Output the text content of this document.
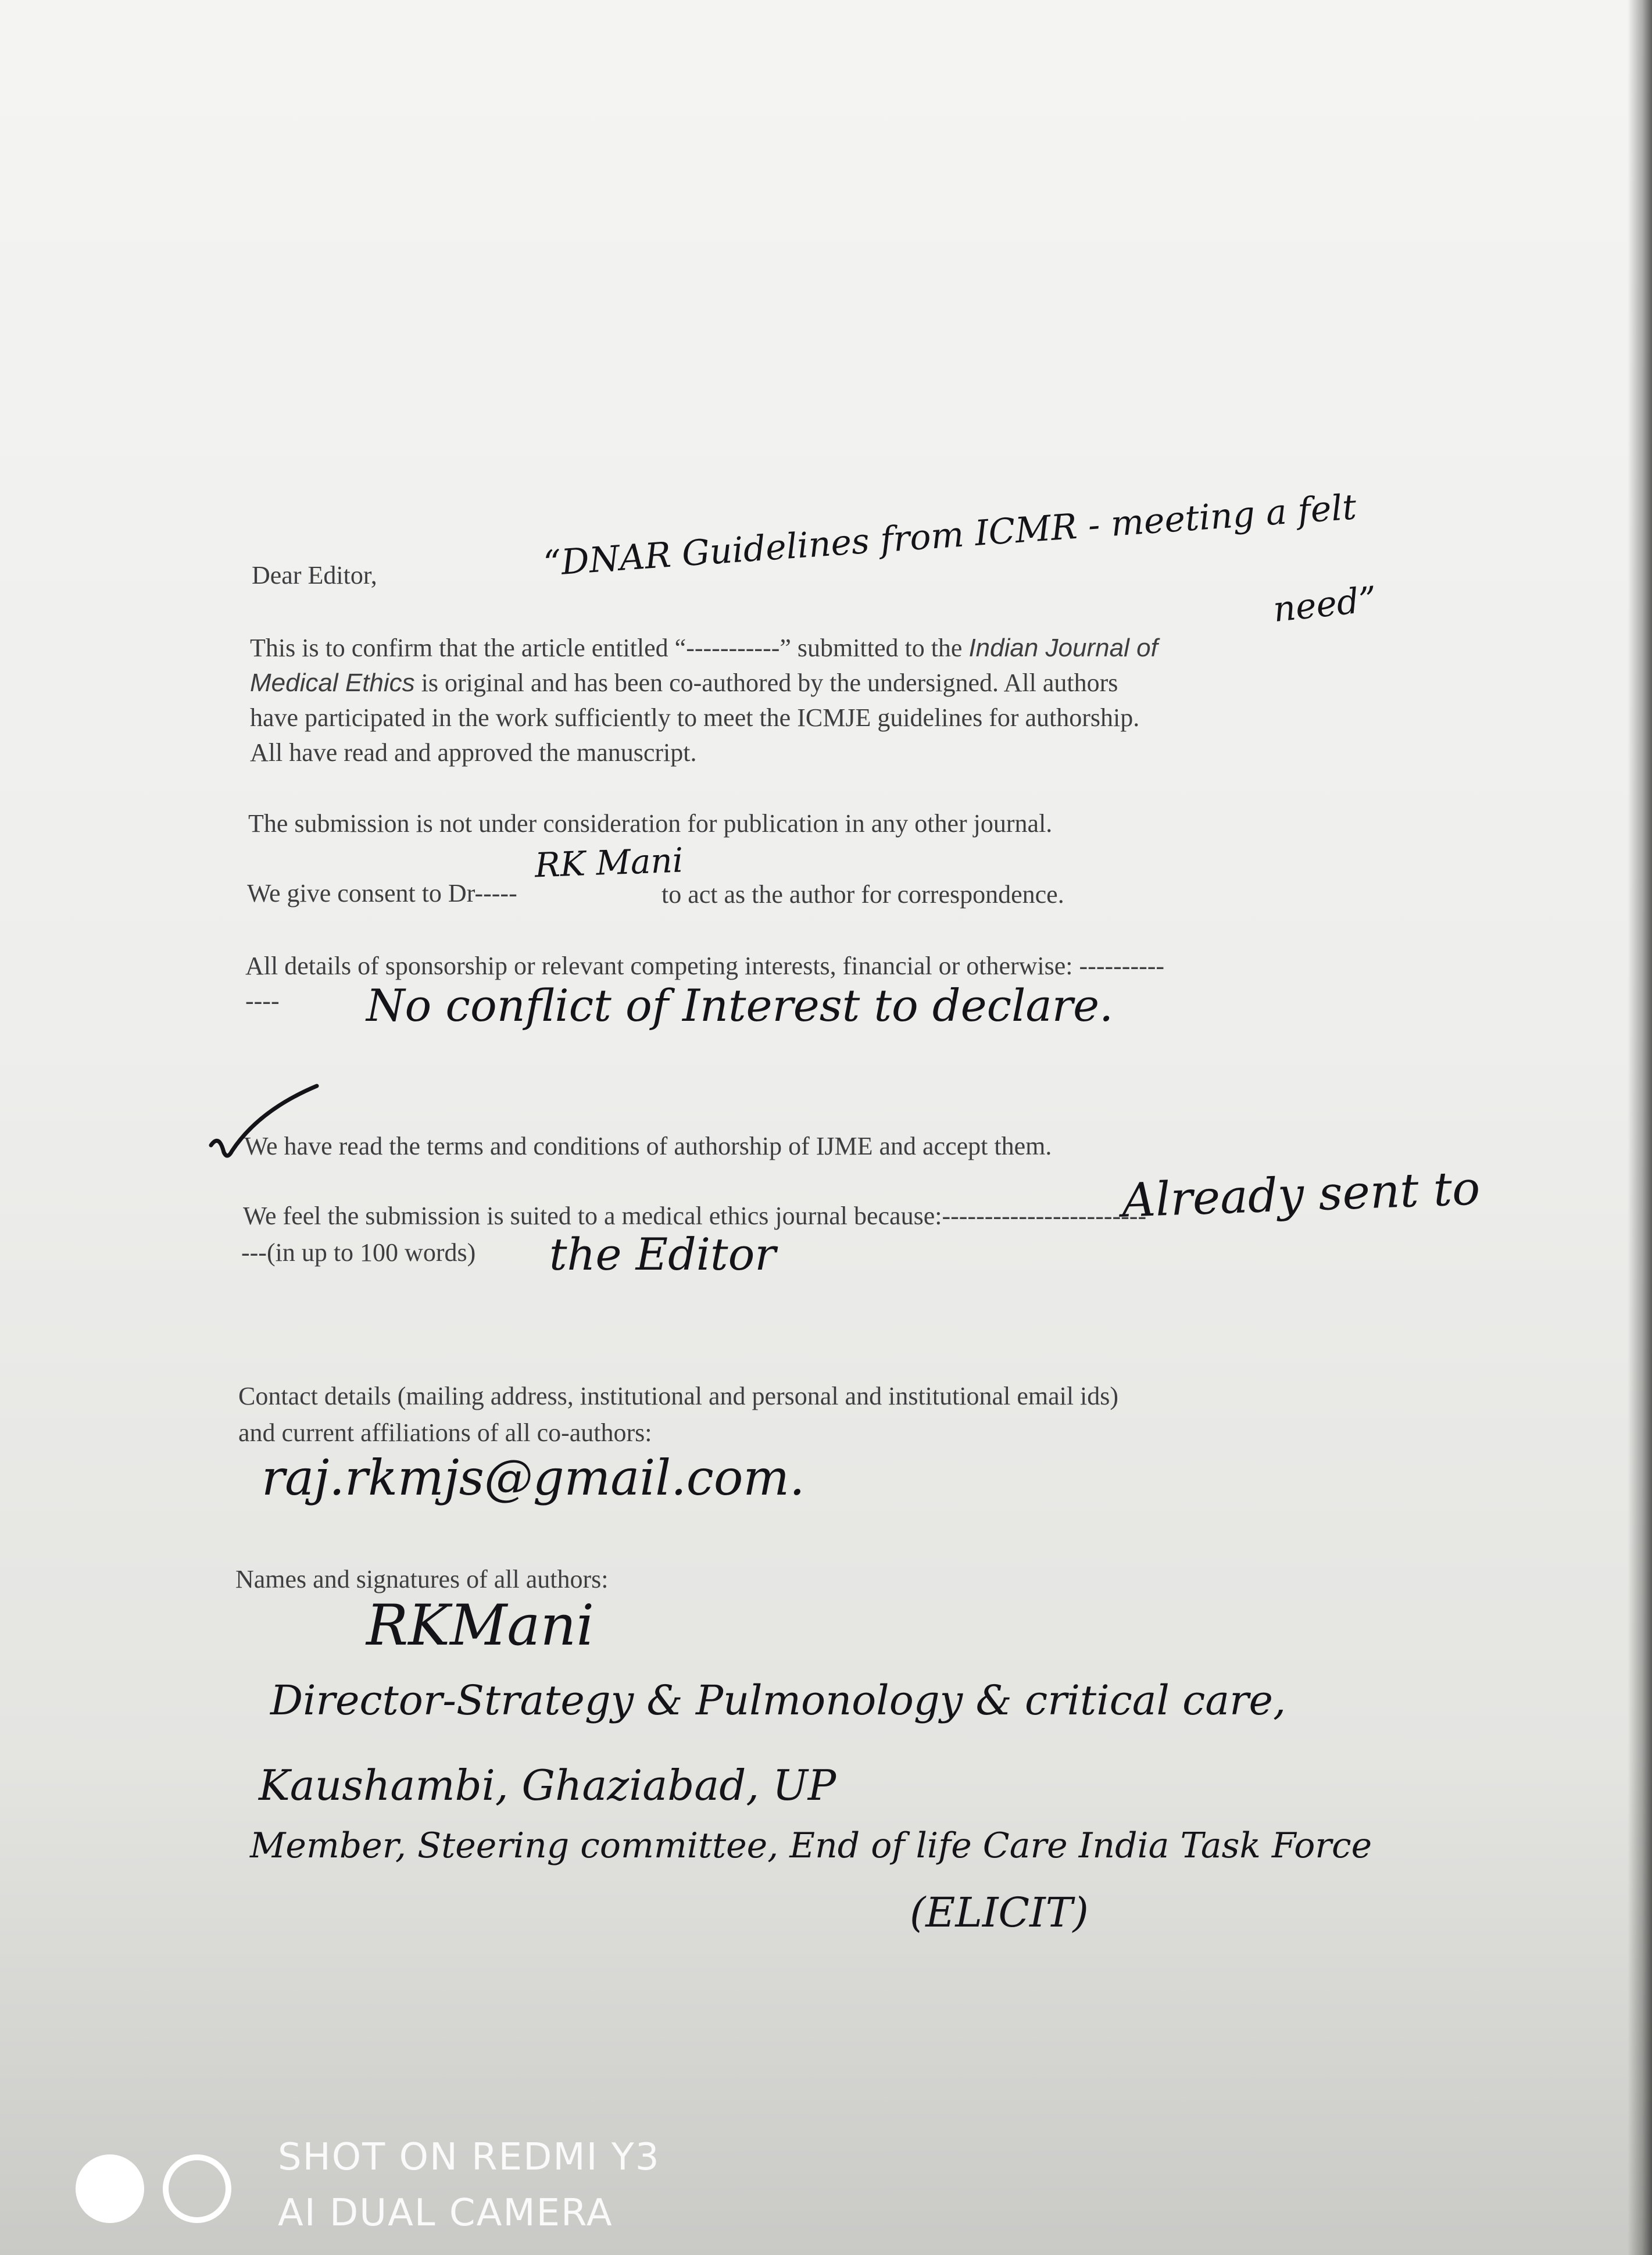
Dear Editor,
This is to confirm that the article entitled “-----------” submitted to the Indian Journal of
Medical Ethics is original and has been co-authored by the undersigned. All authors
have participated in the work sufficiently to meet the ICMJE guidelines for authorship.
All have read and approved the manuscript.
The submission is not under consideration for publication in any other journal.
We give consent to Dr-----	to act as the author for correspondence.
All details of sponsorship or relevant competing interests, financial or otherwise: ----------
----
We have read the terms and conditions of authorship of IJME and accept them.
We feel the submission is suited to a medical ethics journal because:------------------------
---(in up to 100 words)
Contact details (mailing address, institutional and personal and institutional email ids)
and current affiliations of all co-authors:
Names and signatures of all authors:
“DNAR Guidelines from ICMR - meeting a felt
need”
RK Mani
No conflict of Interest to declare.
Already sent to
the Editor
raj.rkmjs@gmail.com.
RKMani
Director-Strategy & Pulmonology & critical care,
Kaushambi, Ghaziabad, UP
Member, Steering committee, End of life Care India Task Force
(ELICIT)
SHOT ON REDMI Y3
AI DUAL CAMERA
